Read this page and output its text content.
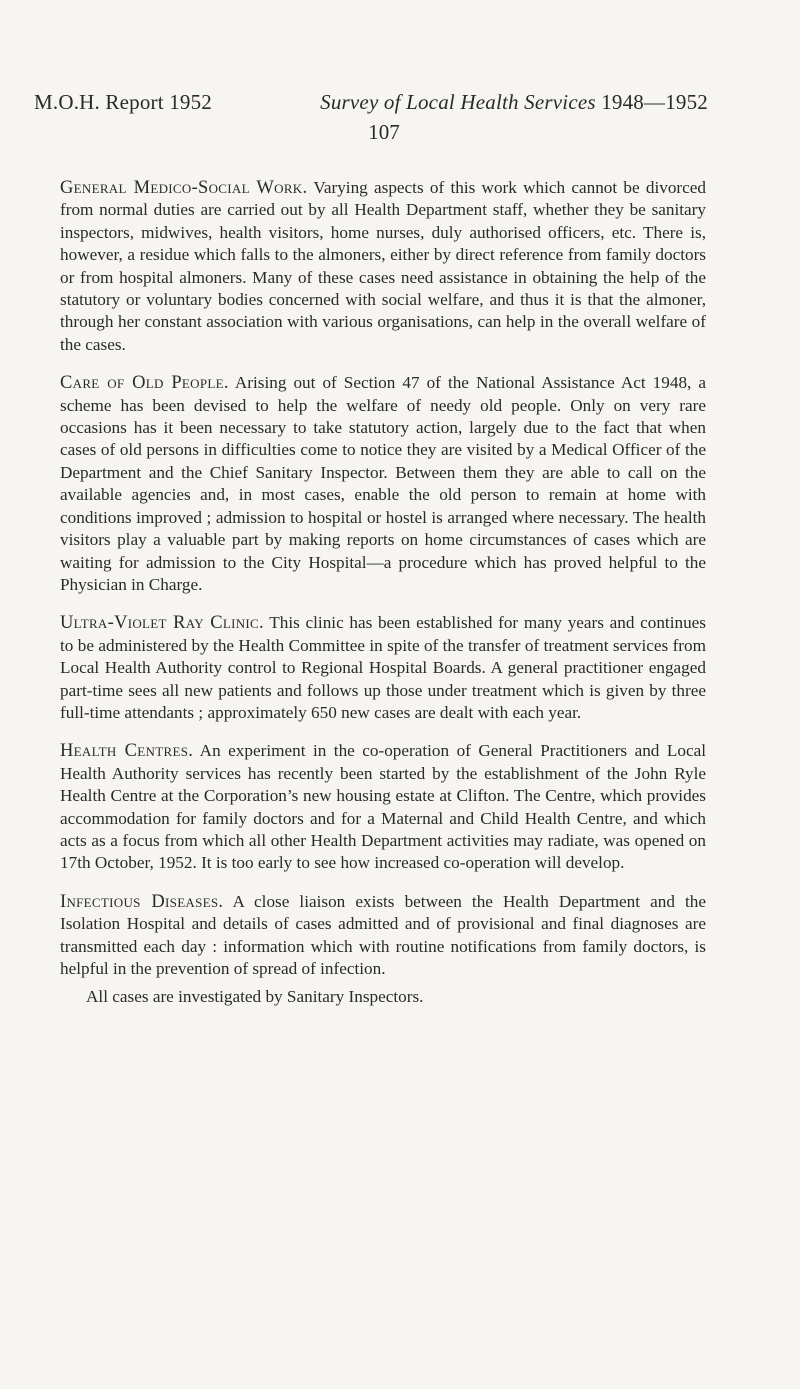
M.O.H. Report 1952	Survey of Local Health Services 1948—1952
107

General Medico-Social Work. Varying aspects of this work which cannot be divorced from normal duties are carried out by all Health Department staff, whether they be sanitary inspectors, midwives, health visitors, home nurses, duly authorised officers, etc. There is, however, a residue which falls to the almoners, either by direct reference from family doctors or from hospital almoners. Many of these cases need assistance in obtaining the help of the statutory or voluntary bodies concerned with social welfare, and thus it is that the almoner, through her constant association with various organisations, can help in the overall welfare of the cases.

Care of Old People. Arising out of Section 47 of the National Assistance Act 1948, a scheme has been devised to help the welfare of needy old people. Only on very rare occasions has it been necessary to take statutory action, largely due to the fact that when cases of old persons in difficulties come to notice they are visited by a Medical Officer of the Department and the Chief Sanitary Inspector. Between them they are able to call on the available agencies and, in most cases, enable the old person to remain at home with conditions improved ; admission to hospital or hostel is arranged where necessary. The health visitors play a valuable part by making reports on home circumstances of cases which are waiting for admission to the City Hospital—a procedure which has proved helpful to the Physician in Charge.

Ultra-Violet Ray Clinic. This clinic has been established for many years and continues to be administered by the Health Committee in spite of the transfer of treatment services from Local Health Authority control to Regional Hospital Boards. A general practitioner engaged part-time sees all new patients and follows up those under treatment which is given by three full-time attendants ; approximately 650 new cases are dealt with each year.

Health Centres. An experiment in the co-operation of General Practitioners and Local Health Authority services has recently been started by the establishment of the John Ryle Health Centre at the Corporation’s new housing estate at Clifton. The Centre, which provides accommodation for family doctors and for a Maternal and Child Health Centre, and which acts as a focus from which all other Health Department activities may radiate, was opened on 17th October, 1952. It is too early to see how increased co-operation will develop.

Infectious Diseases. A close liaison exists between the Health Department and the Isolation Hospital and details of cases admitted and of provisional and final diagnoses are transmitted each day : information which with routine notifications from family doctors, is helpful in the prevention of spread of infection.

All cases are investigated by Sanitary Inspectors.
